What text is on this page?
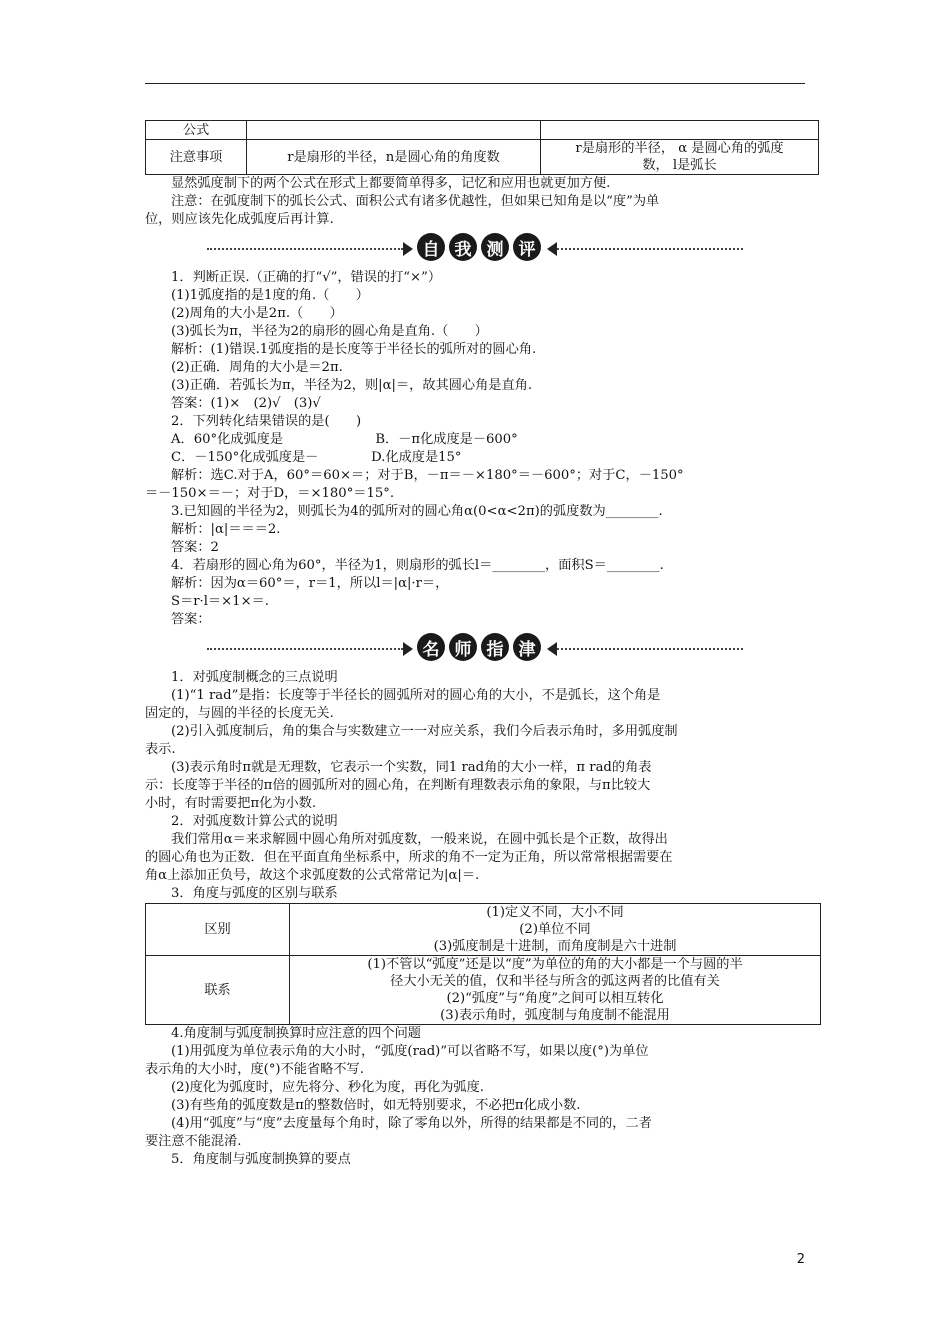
公式		
注意事项	r是扇形的半径，n是圆心角的角度数	r是扇形的半径， α 是圆心角的弧度
数， l是弧长

显然弧度制下的两个公式在形式上都要简单得多，记忆和应用也就更加方便.

注意：在弧度制下的弧长公式、面积公式有诸多优越性，但如果已知角是以“度”为单

位，则应该先化成弧度后再计算.

自 我 测 评

1．判断正误.（正确的打“√”，错误的打“×”）

(1)1弧度指的是1度的角.（　　）

(2)周角的大小是2π.（　　）

(3)弧长为π，半径为2的扇形的圆心角是直角.（　　）

解析：(1)错误.1弧度指的是长度等于半径长的弧所对的圆心角.

(2)正确．周角的大小是＝2π.

(3)正确．若弧长为π，半径为2，则|α|＝，故其圆心角是直角.

答案：(1)×　(2)√　(3)√

2．下列转化结果错误的是(　　)

A．60°化成弧度是　　　　　　　B．－π化成度是－600°

C．－150°化成弧度是－　　　　D.化成度是15°

解析：选C.对于A，60°＝60×＝；对于B，－π＝－×180°＝－600°；对于C，－150°

＝－150×＝－；对于D，＝×180°＝15°.

3.已知圆的半径为2，则弧长为4的弧所对的圆心角α(0<α<2π)的弧度数为________.

解析：|α|＝＝＝2.

答案：2

4．若扇形的圆心角为60°，半径为1，则扇形的弧长l＝________，面积S＝________.

解析：因为α＝60°＝，r＝1，所以l＝|α|·r＝，

S＝r·l＝×1×＝.

答案：

名 师 指 津

1．对弧度制概念的三点说明

(1)“1 rad”是指：长度等于半径长的圆弧所对的圆心角的大小，不是弧长，这个角是

固定的，与圆的半径的长度无关.

(2)引入弧度制后，角的集合与实数建立一一对应关系，我们今后表示角时，多用弧度制

表示.

(3)表示角时π就是无理数，它表示一个实数，同1 rad角的大小一样，π rad的角表

示：长度等于半径的π倍的圆弧所对的圆心角，在判断有理数表示角的象限，与π比较大

小时，有时需要把π化为小数.

2．对弧度数计算公式的说明

我们常用α＝来求解圆中圆心角所对弧度数，一般来说，在圆中弧长是个正数，故得出

的圆心角也为正数．但在平面直角坐标系中，所求的角不一定为正角，所以常常根据需要在

角α上添加正负号，故这个求弧度数的公式常常记为|α|＝.

3．角度与弧度的区别与联系

区别	(1)定义不同，大小不同
(2)单位不同
(3)弧度制是十进制，而角度制是六十进制

联系	(1)不管以“弧度”还是以“度”为单位的角的大小都是一个与圆的半
径大小无关的值，仅和半径与所含的弧这两者的比值有关
(2)“弧度”与“角度”之间可以相互转化
(3)表示角时，弧度制与角度制不能混用

4.角度制与弧度制换算时应注意的四个问题

(1)用弧度为单位表示角的大小时，“弧度(rad)”可以省略不写，如果以度(°)为单位

表示角的大小时，度(°)不能省略不写.

(2)度化为弧度时，应先将分、秒化为度，再化为弧度.

(3)有些角的弧度数是π的整数倍时，如无特别要求，不必把π化成小数.

(4)用“弧度”与“度”去度量每个角时，除了零角以外，所得的结果都是不同的，二者

要注意不能混淆.

5．角度制与弧度制换算的要点

2
